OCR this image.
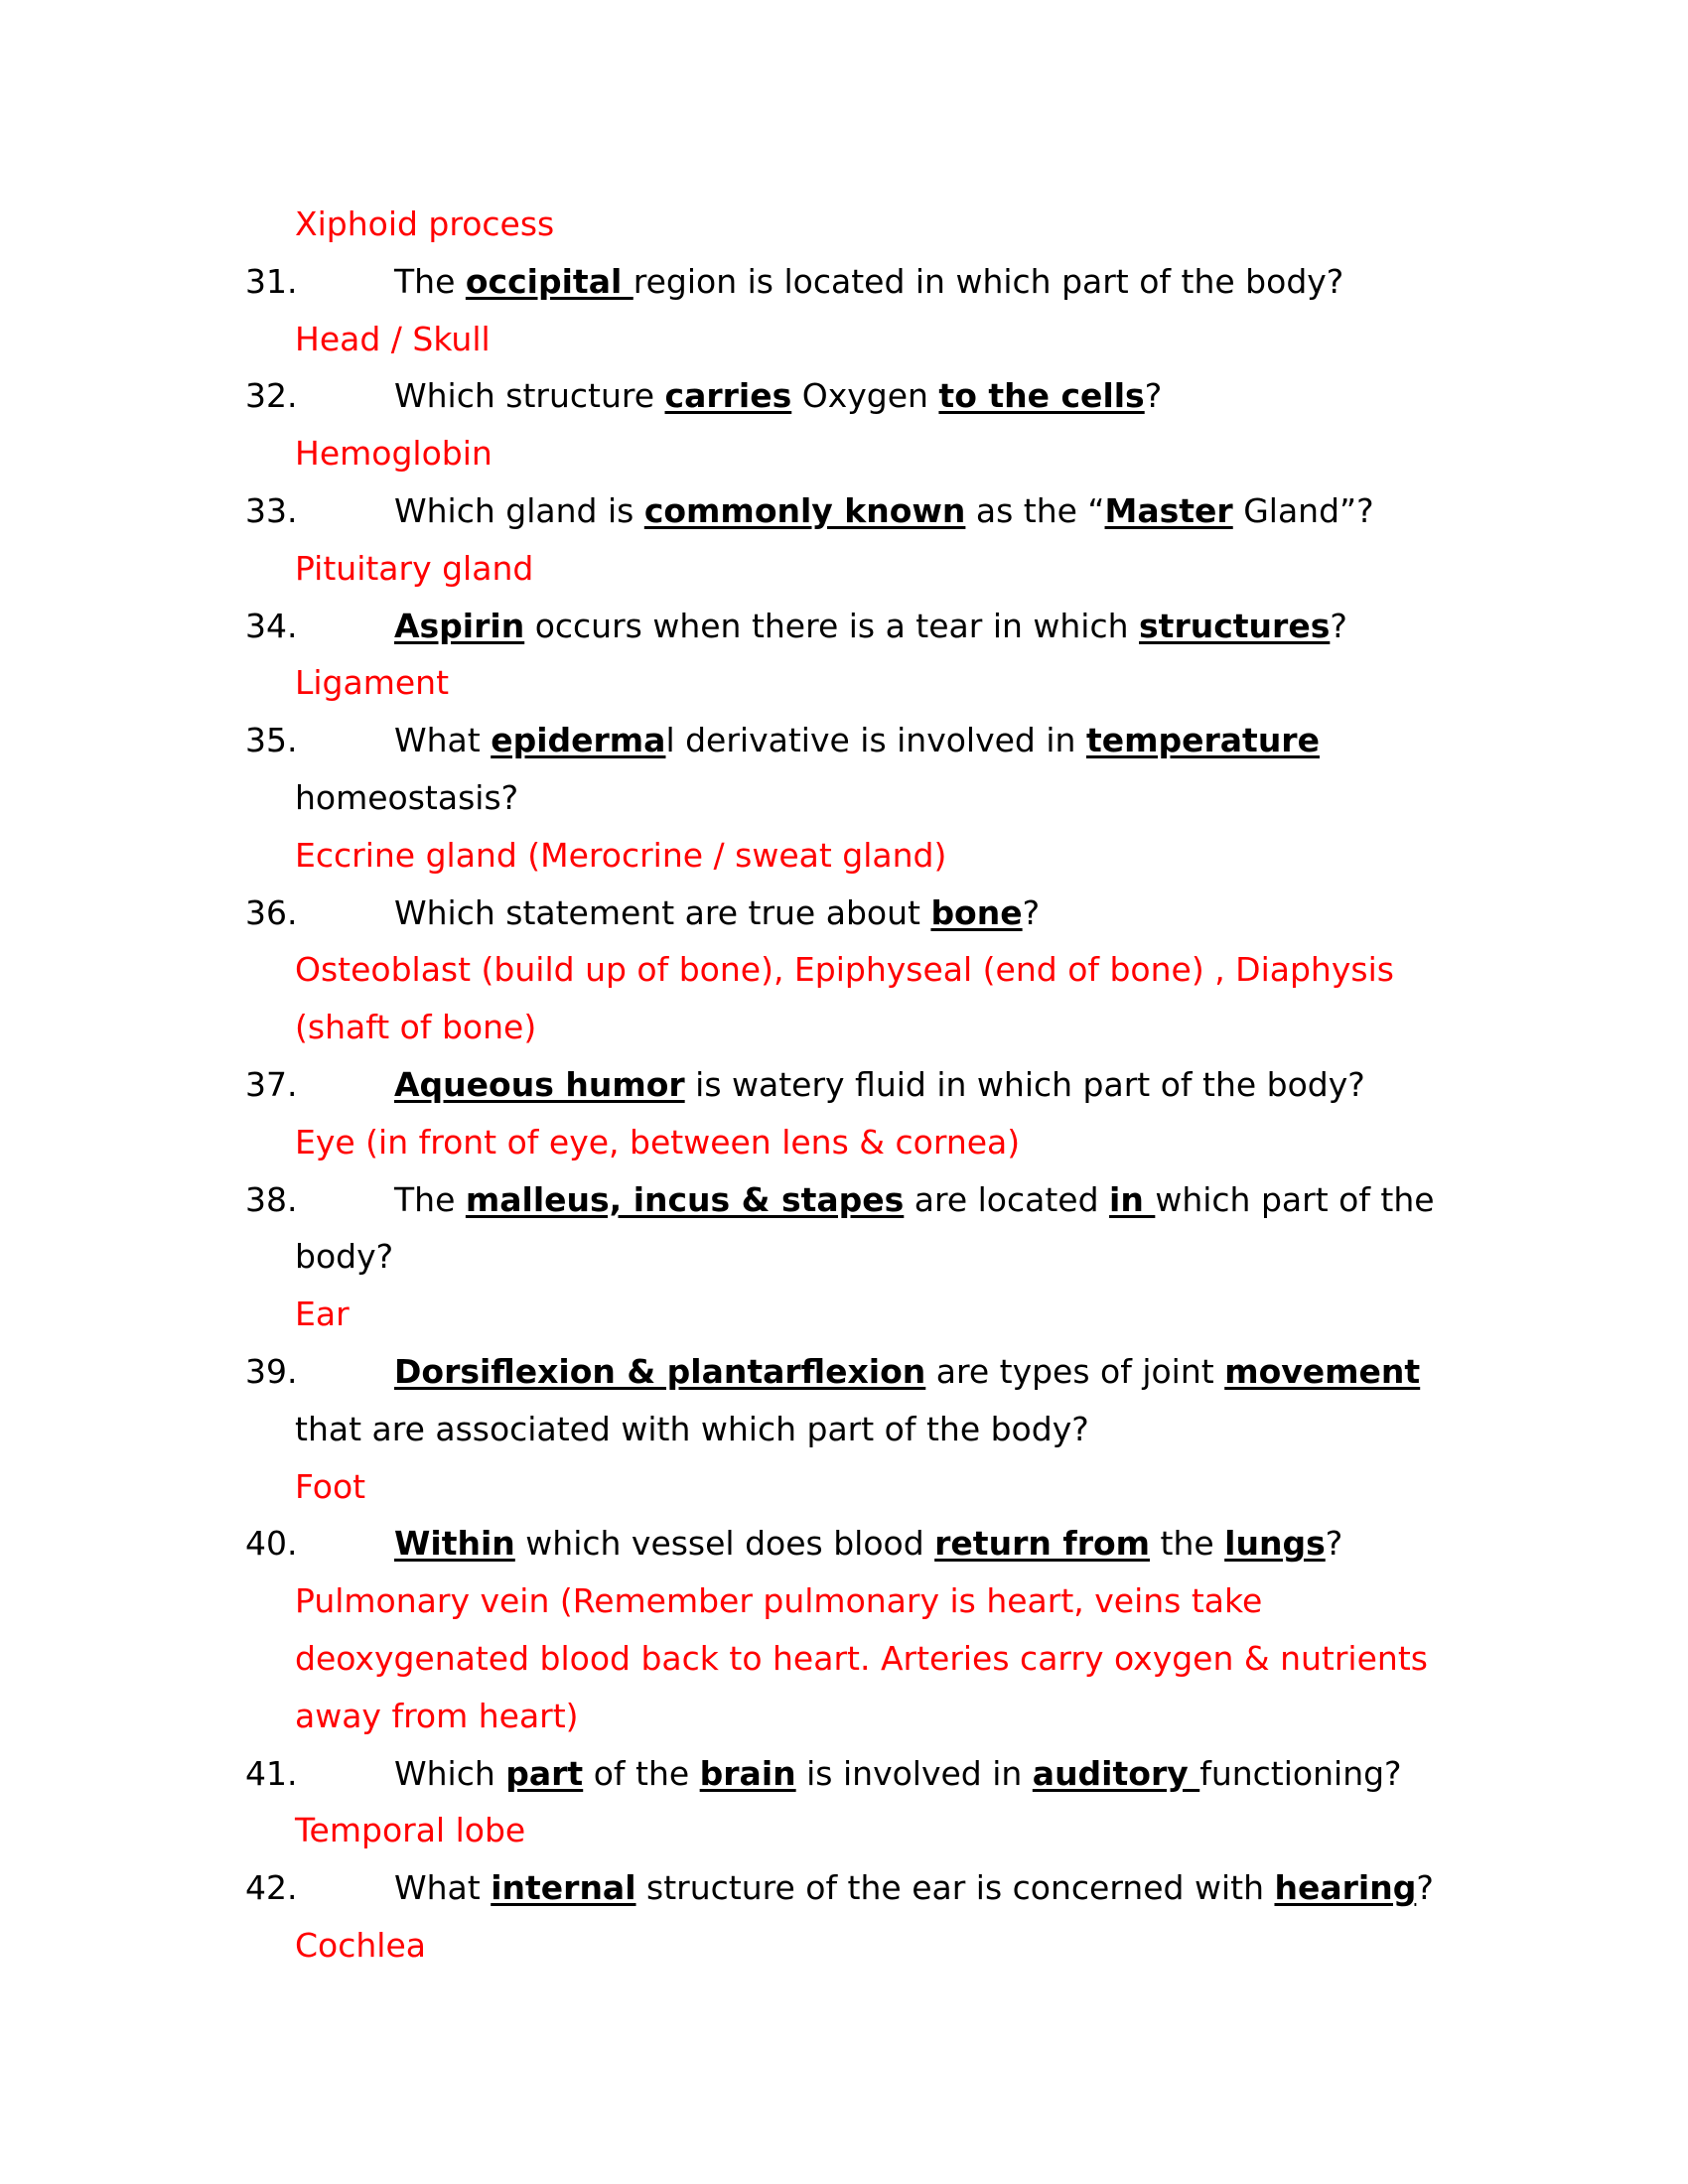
Xiphoid process
31.	The occipital region is located in which part of the body?
Head / Skull
32.	Which structure carries Oxygen to the cells?
Hemoglobin
33.	Which gland is commonly known as the “Master Gland”?
Pituitary gland
34.	Aspirin occurs when there is a tear in which structures?
Ligament
35.	What epidermal derivative is involved in temperature
homeostasis?
Eccrine gland (Merocrine / sweat gland)
36.	Which statement are true about bone?
Osteoblast (build up of bone), Epiphyseal (end of bone) , Diaphysis
(shaft of bone)
37.	Aqueous humor is watery fluid in which part of the body?
Eye (in front of eye, between lens & cornea)
38.	The malleus, incus & stapes are located in which part of the
body?
Ear
39.	Dorsiflexion & plantarflexion are types of joint movement
that are associated with which part of the body?
Foot
40.	Within which vessel does blood return from the lungs?
Pulmonary vein (Remember pulmonary is heart, veins take
deoxygenated blood back to heart. Arteries carry oxygen & nutrients
away from heart)
41.	Which part of the brain is involved in auditory functioning?
Temporal lobe
42.	What internal structure of the ear is concerned with hearing?
Cochlea
